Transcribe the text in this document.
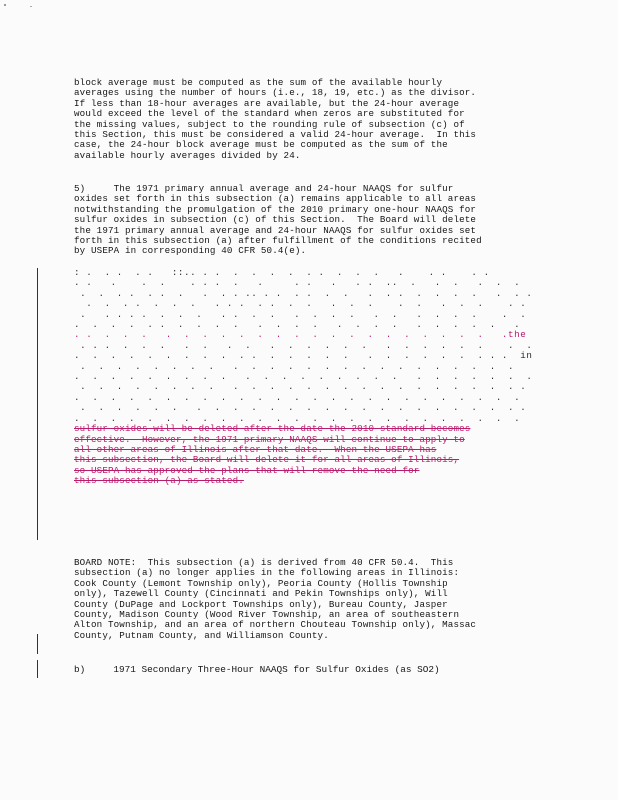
block average must be computed as the sum of the available hourly
averages using the number of hours (i.e., 18, 19, etc.) as the divisor.
If less than 18-hour averages are available, but the 24-hour average
would exceed the level of the standard when zeros are substituted for
the missing values, subject to the rounding rule of subsection (c) of
this Section, this must be considered a valid 24-hour average.  In this
case, the 24-hour block average must be computed as the sum of the
available hourly averages divided by 24.
5)     The 1971 primary annual average and 24-hour NAAQS for sulfur
oxides set forth in this subsection (a) remains applicable to all areas
notwithstanding the promulgation of the 2010 primary one-hour NAAQS for
sulfur oxides in subsection (c) of this Section.  The Board will delete
the 1971 primary annual average and 24-hour NAAQS for sulfur oxides set
forth in this subsection (a) after fulfillment of the conditions recited
by USEPA in corresponding 40 CFR 50.4(e).
: .  . .  . .   ::.. . .  .  .  .  .  . .  .  .  .   .    . .    . .
. .   .    .  .    . . .  .   .     . .   .   . .  ..  .   .  .   .  .  .
.  .  . .  . .  .   .  . . .. . .  . .  .  .   .  . .  .  .  .  .   .  . .
.  .  . .  .  .  .   . . .  . .  .  .   .  .  .    .  .   .  .  .    . .
.   . . . .  .  .  .   . .  .  .   .  .  .  .   .  .   .  .  .  .    .  .
.  .  .  .  . .  .  .  .  .   .  .  .  .   .  .  .  .   .  .  .  .  .   .
. .  .  .  .   .  .  .  .  .  .  .  .  .  .  .  .  .  .  .  .  .  .   .the
. . .  .  .  .   .  .   .  .   .  .  .  .  .  .   .  .  .  .  .  .    .  .
.  .  .  .  .  .  .  .  .  . .  .  .  .  .  .   .  .  .  .  .  .  . . .  in
.  .  .  .  .  .  .  .   .  .  .  .  .  .  .  .  .  .  .  .  .  .  .  .
.  .  .  .  .  .  .  .  .   .  .  .  .  .  .  .  .  .   .  .  .  .  .  .  .
.  .  .  .  .  .  .  .   .  .  .  .  .  .  .  .  .  .  .  .  .  .  .  . .
.  .  .  .  .  .  .  .  .  .  .  .  .  .  .  .  .  .  .  .  .  .  .  .  .
.  .  .  .  .  .   .  .  .  .  .  .  .  .  .  .  .  .  .  .  .  .  .  . .
.  .  .  .  .  .  .  .  .  .  .  .  .  .  .  .  .  .  .  .  .  .  .  .  .
sulfur oxides will be deleted after the date the 2010 standard becomes
effective.  However, the 1971 primary NAAQS will continue to apply to
all other areas of Illinois after that date.  When the USEPA has
this subsection, the Board will delete it for all areas of Illinois,
so USEPA has approved the plans that will remove the need for
this subsection (a) as stated.
BOARD NOTE:  This subsection (a) is derived from 40 CFR 50.4.  This
subsection (a) no longer applies in the following areas in Illinois:
Cook County (Lemont Township only), Peoria County (Hollis Township
only), Tazewell County (Cincinnati and Pekin Townships only), Will
County (DuPage and Lockport Townships only), Bureau County, Jasper
County, Madison County (Wood River Township, an area of southeastern
Alton Township, and an area of northern Chouteau Township only), Massac
County, Putnam County, and Williamson County.
b)     1971 Secondary Three-Hour NAAQS for Sulfur Oxides (as SO2)
